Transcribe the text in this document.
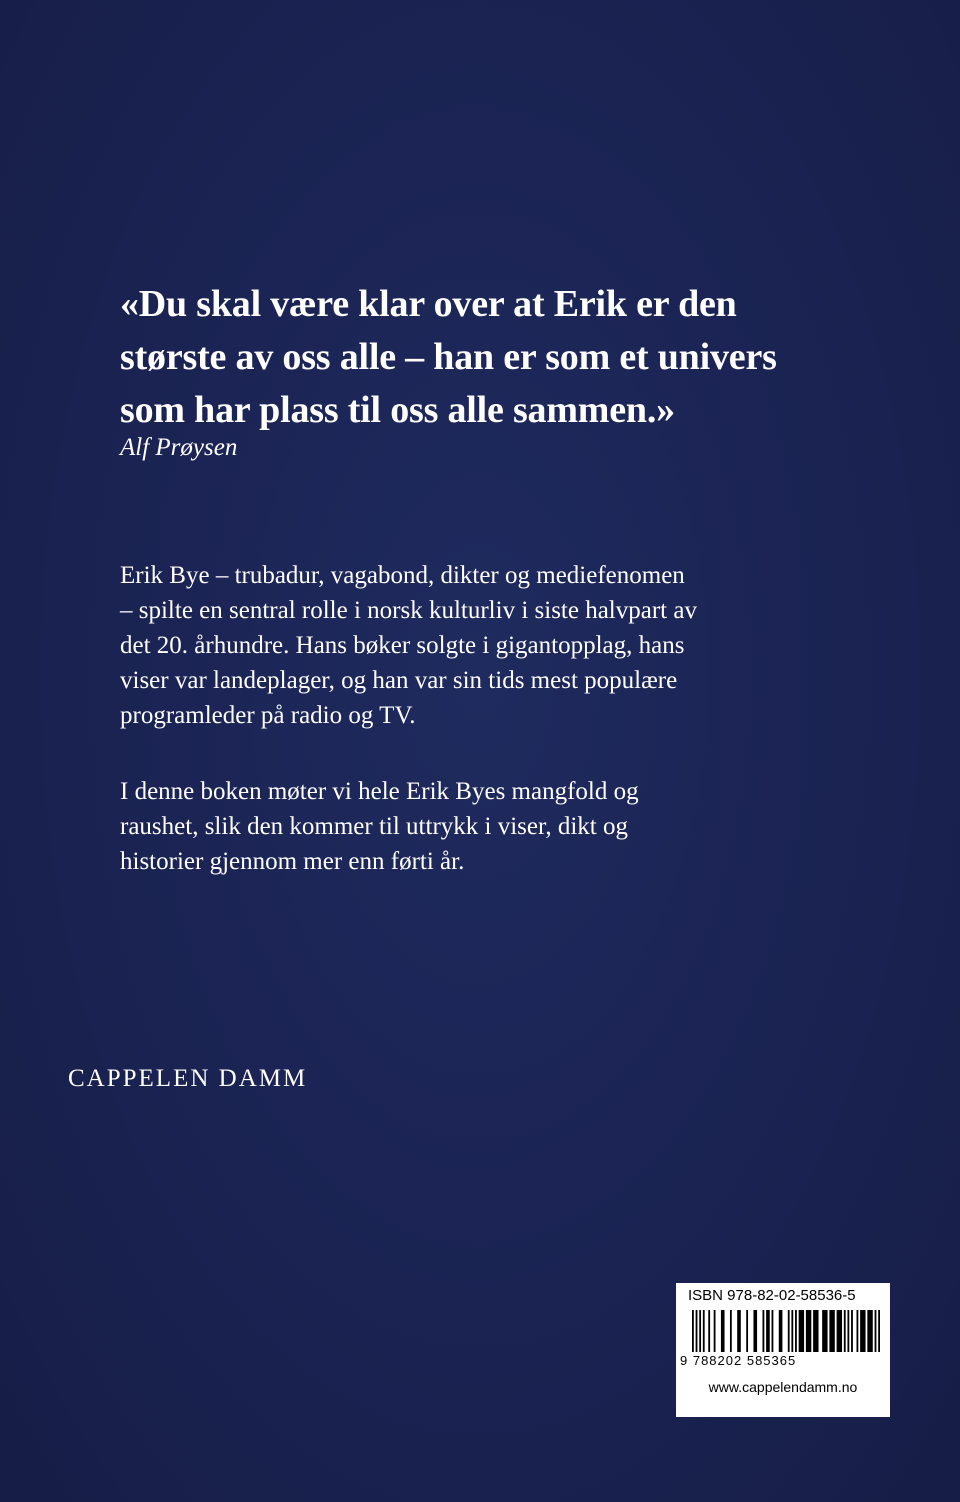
«Du skal være klar over at Erik er den
største av oss alle – han er som et univers
som har plass til oss alle sammen.»

Alf Prøysen

Erik Bye – trubadur, vagabond, dikter og mediefenomen
– spilte en sentral rolle i norsk kulturliv i siste halvpart av
det 20. århundre. Hans bøker solgte i gigantopplag, hans
viser var landeplager, og han var sin tids mest populære
programleder på radio og TV.

I denne boken møter vi hele Erik Byes mangfold og
raushet, slik den kommer til uttrykk i viser, dikt og
historier gjennom mer enn førti år.

CAPPELEN DAMM
ISBN 978-82-02-58536-5
9 788202 585365
www.cappelendamm.no
